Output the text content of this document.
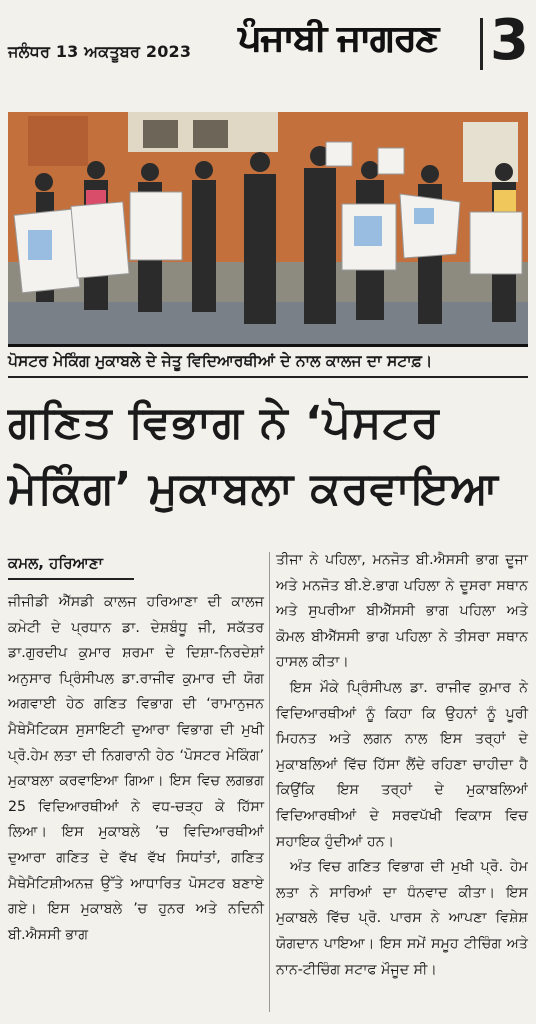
ਜਲੰਧਰ 13 ਅਕਤੂਬਰ 2023 ਪੰਜਾਬੀ ਜਾਗਰਣ 3
ਪੋਸਟਰ ਮੇਕਿੰਗ ਮੁਕਾਬਲੇ ਦੇ ਜੇਤੂ ਵਿਦਿਆਰਥੀਆਂ ਦੇ ਨਾਲ ਕਾਲਜ ਦਾ ਸਟਾਫ਼।
ਗਣਿਤ ਵਿਭਾਗ ਨੇ ‘ਪੋਸਟਰ ਮੇਕਿੰਗ’ ਮੁਕਾਬਲਾ ਕਰਵਾਇਆ
ਕਮਲ, ਹਰਿਆਣਾ

ਜੀਜੀਡੀ ਐੱਸਡੀ ਕਾਲਜ ਹਰਿਆਣਾ ਦੀ ਕਾਲਜ ਕਮੇਟੀ ਦੇ ਪ੍ਰਧਾਨ ਡਾ. ਦੇਸ਼ਬੰਧੂ ਜੀ, ਸਕੱਤਰ ਡਾ.ਗੁਰਦੀਪ ਕੁਮਾਰ ਸ਼ਰਮਾ ਦੇ ਦਿਸ਼ਾ-ਨਿਰਦੇਸ਼ਾਂ ਅਨੁਸਾਰ ਪ੍ਰਿੰਸੀਪਲ ਡਾ.ਰਾਜੀਵ ਕੁਮਾਰ ਦੀ ਯੋਗ ਅਗਵਾਈ ਹੇਠ ਗਣਿਤ ਵਿਭਾਗ ਦੀ ‘ਰਾਮਾਨੁਜਨ ਮੈਥੇਮੈਟਿਕਸ ਸੁਸਾਇਟੀ ਦੁਆਰਾ ਵਿਭਾਗ ਦੀ ਮੁਖੀ ਪ੍ਰੋ.ਹੇਮ ਲਤਾ ਦੀ ਨਿਗਰਾਨੀ ਹੇਠ ‘ਪੋਸਟਰ ਮੇਕਿੰਗ’ ਮੁਕਾਬਲਾ ਕਰਵਾਇਆ ਗਿਆ। ਇਸ ਵਿਚ ਲਗਭਗ 25 ਵਿਦਿਆਰਥੀਆਂ ਨੇ ਵਧ-ਚੜ੍ਹ ਕੇ ਹਿੱਸਾ ਲਿਆ। ਇਸ ਮੁਕਾਬਲੇ ’ਚ ਵਿਦਿਆਰਥੀਆਂ ਦੁਆਰਾ ਗਣਿਤ ਦੇ ਵੱਖ ਵੱਖ ਸਿਧਾਂਤਾਂ, ਗਣਿਤ ਮੈਥੇਮੈਟਿਸ਼ੀਅਨਜ਼ ਉੱਤੇ ਆਧਾਰਿਤ ਪੋਸਟਰ ਬਣਾਏ ਗਏ। ਇਸ ਮੁਕਾਬਲੇ ’ਚ ਹੁਨਰ ਅਤੇ ਨਦਿਨੀ ਬੀ.ਐਸਸੀ ਭਾਗ

ਤੀਜਾ ਨੇ ਪਹਿਲਾ, ਮਨਜੋਤ ਬੀ.ਐਸਸੀ ਭਾਗ ਦੂਜਾ ਅਤੇ ਮਨਜੋਤ ਬੀ.ਏ.ਭਾਗ ਪਹਿਲਾ ਨੇ ਦੂਸਰਾ ਸਥਾਨ ਅਤੇ ਸੁਪਰੀਆ ਬੀਐੱਸਸੀ ਭਾਗ ਪਹਿਲਾ ਅਤੇ ਕੋਮਲ ਬੀਐੱਸਸੀ ਭਾਗ ਪਹਿਲਾ ਨੇ ਤੀਸਰਾ ਸਥਾਨ ਹਾਸਲ ਕੀਤਾ।

ਇਸ ਮੌਕੇ ਪ੍ਰਿੰਸੀਪਲ ਡਾ. ਰਾਜੀਵ ਕੁਮਾਰ ਨੇ ਵਿਦਿਆਰਥੀਆਂ ਨੂੰ ਕਿਹਾ ਕਿ ਉਹਨਾਂ ਨੂੰ ਪੂਰੀ ਮਿਹਨਤ ਅਤੇ ਲਗਨ ਨਾਲ ਇਸ ਤਰ੍ਹਾਂ ਦੇ ਮੁਕਾਬਲਿਆਂ ਵਿੱਚ ਹਿੱਸਾ ਲੈਂਦੇ ਰਹਿਣਾ ਚਾਹੀਦਾ ਹੈ ਕਿਉਂਕਿ ਇਸ ਤਰ੍ਹਾਂ ਦੇ ਮੁਕਾਬਲਿਆਂ ਵਿਦਿਆਰਥੀਆਂ ਦੇ ਸਰਵਪੱਖੀ ਵਿਕਾਸ ਵਿਚ ਸਹਾਇਕ ਹੁੰਦੀਆਂ ਹਨ।

ਅੰਤ ਵਿਚ ਗਣਿਤ ਵਿਭਾਗ ਦੀ ਮੁਖੀ ਪ੍ਰੋ. ਹੇਮ ਲਤਾ ਨੇ ਸਾਰਿਆਂ ਦਾ ਧੰਨਵਾਦ ਕੀਤਾ। ਇਸ ਮੁਕਾਬਲੇ ਵਿੱਚ ਪ੍ਰੋ. ਪਾਰਸ ਨੇ ਆਪਣਾ ਵਿਸ਼ੇਸ਼ ਯੋਗਦਾਨ ਪਾਇਆ। ਇਸ ਸਮੇਂ ਸਮੂਹ ਟੀਚਿੰਗ ਅਤੇ ਨਾਨ-ਟੀਚਿੰਗ ਸਟਾਫ ਮੌਜੂਦ ਸੀ।
